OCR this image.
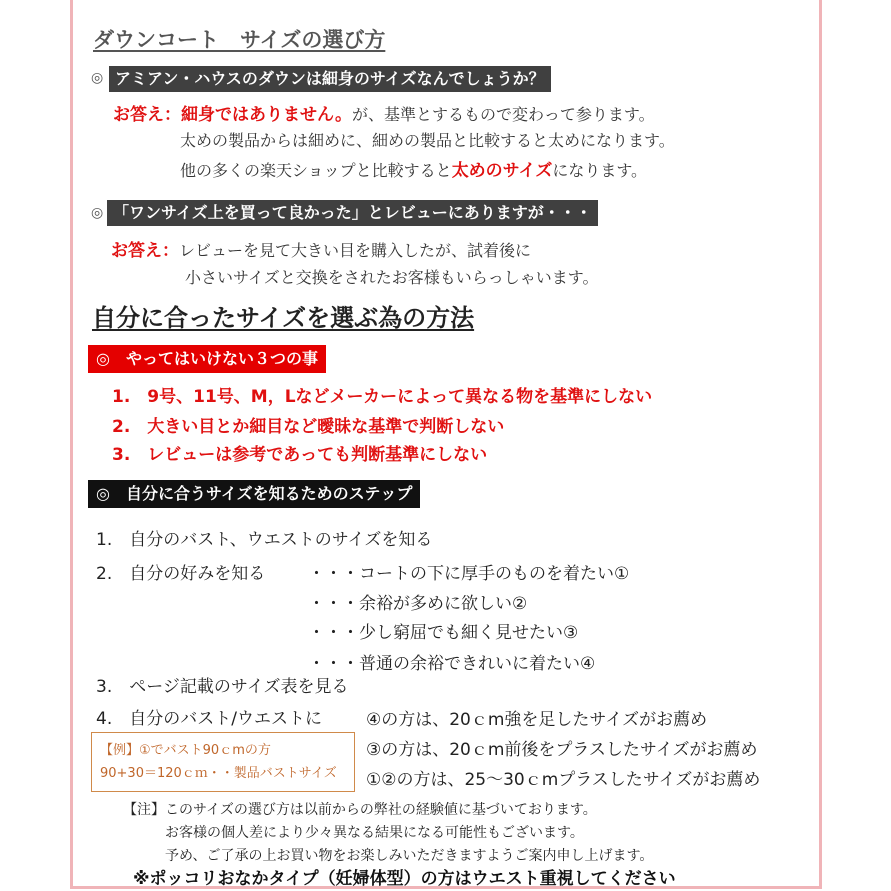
ダウンコート　サイズの選び方
◎ アミアン・ハウスのダウンは細身のサイズなんでしょうか？
お答え：細身ではありません。が、基準とするもので変わって参ります。
太めの製品からは細めに、細めの製品と比較すると太めになります。
他の多くの楽天ショップと比較すると太めのサイズになります。
◎ 「ワンサイズ上を買って良かった」とレビューにありますが・・・
お答え：レビューを見て大きい目を購入したが、試着後に
小さいサイズと交換をされたお客様もいらっしゃいます。
自分に合ったサイズを選ぶ為の方法
◎　やってはいけない３つの事
1.　9号、11号、M，Lなどメーカーによって異なる物を基準にしない
2.　大きい目とか細目など曖昧な基準で判断しない
3.　レビューは参考であっても判断基準にしない
◎　自分に合うサイズを知るためのステップ
1.　自分のバスト、ウエストのサイズを知る
2.　自分の好みを知る	・・・コートの下に厚手のものを着たい①
・・・余裕が多めに欲しい②
・・・少し窮屈でも細く見せたい③
・・・普通の余裕できれいに着たい④
3.　ページ記載のサイズ表を見る
4.　自分のバスト/ウエストに	④の方は、20ｃm強を足したサイズがお薦め
③の方は、20ｃm前後をプラスしたサイズがお薦め
①②の方は、25～30ｃmプラスしたサイズがお薦め
【例】①でバスト90ｃmの方
90+30＝120ｃｍ・・製品バストサイズ
【注】このサイズの選び方は以前からの弊社の経験値に基づいております。
お客様の個人差により少々異なる結果になる可能性もございます。
予め、ご了承の上お買い物をお楽しみいただきますようご案内申し上げます。
※ポッコリおなかタイプ（妊婦体型）の方はウエスト重視してください
